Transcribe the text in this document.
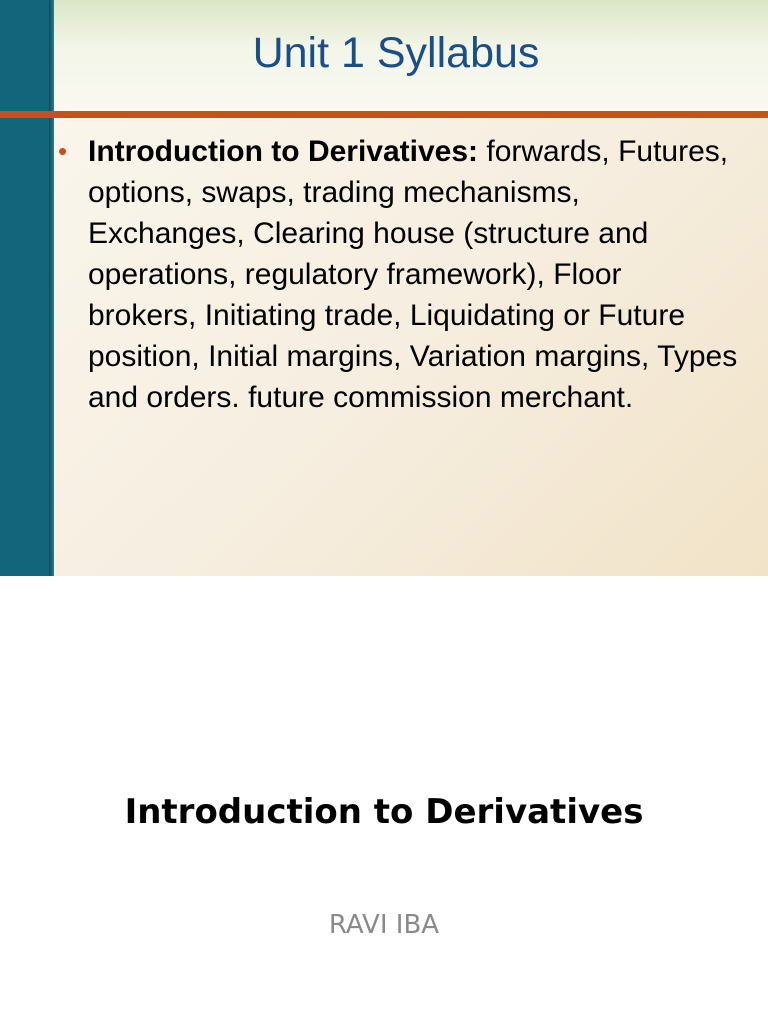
Unit 1 Syllabus
• Introduction to Derivatives: forwards, Futures, options, swaps, trading mechanisms, Exchanges, Clearing house (structure and operations, regulatory framework), Floor brokers, Initiating trade, Liquidating or Future position, Initial margins, Variation margins, Types and orders. future commission merchant.
Introduction to Derivatives

RAVI IBA
